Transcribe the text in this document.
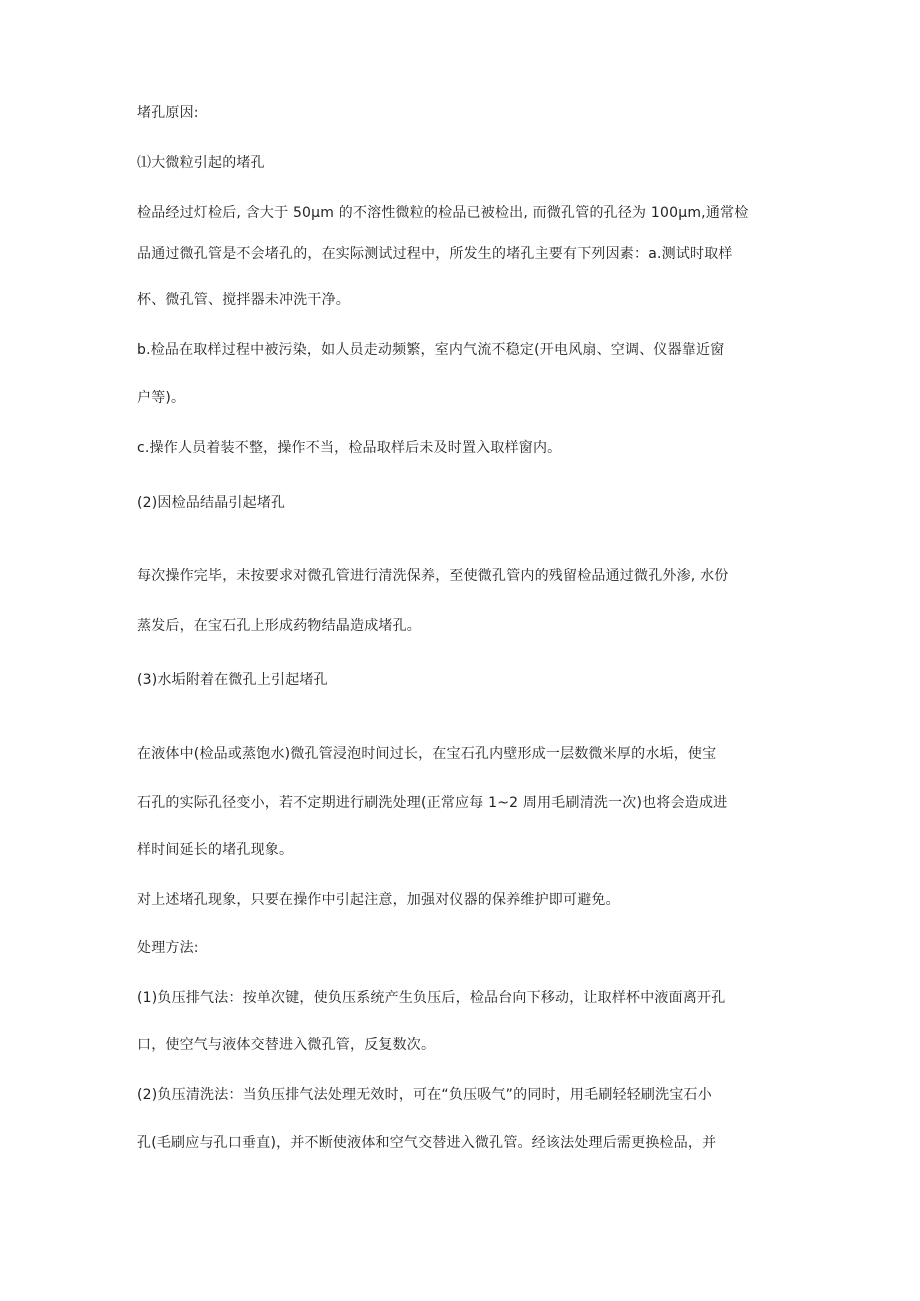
堵孔原因:
⑴大微粒引起的堵孔
检品经过灯检后, 含大于 50μm 的不溶性微粒的检品已被检出, 而微孔管的孔径为 100μm,通常检
品通过微孔管是不会堵孔的，在实际测试过程中，所发生的堵孔主要有下列因素：a.测试时取样
杯、微孔管、搅拌器未冲洗干净。
b.检品在取样过程中被污染，如人员走动频繁，室内气流不稳定(开电风扇、空调、仪器靠近窗
户等)。
c.操作人员着装不整，操作不当，检品取样后未及时置入取样窗内。
(2)因检品结晶引起堵孔
每次操作完毕，未按要求对微孔管进行清洗保养，至使微孔管内的残留检品通过微孔外渗, 水份
蒸发后，在宝石孔上形成药物结晶造成堵孔。
(3)水垢附着在微孔上引起堵孔
在液体中(检品或蒸饱水)微孔管浸泡时间过长，在宝石孔内壁形成一层数微米厚的水垢，使宝
石孔的实际孔径变小，若不定期进行刷洗处理(正常应每 1~2 周用毛刷清洗一次)也将会造成进
样时间延长的堵孔现象。
对上述堵孔现象，只要在操作中引起注意，加强对仪器的保养维护即可避免。
处理方法:
(1)负压排气法：按单次键，使负压系统产生负压后，检品台向下移动，让取样杯中液面离开孔
口，使空气与液体交替进入微孔管，反复数次。
(2)负压清洗法：当负压排气法处理无效时，可在“负压吸气”的同时，用毛刷轻轻刷洗宝石小
孔(毛刷应与孔口垂直)，并不断使液体和空气交替进入微孔管。经该法处理后需更换检品，并
